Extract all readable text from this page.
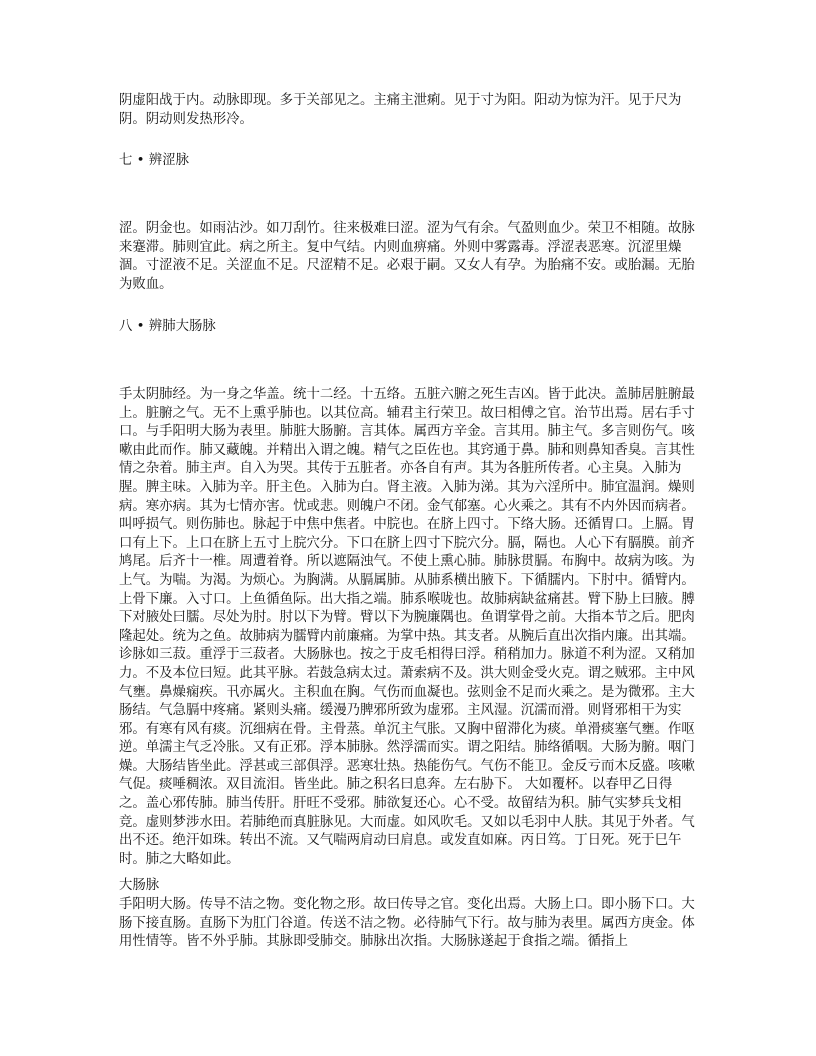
阴虚阳战于内。动脉即现。多于关部见之。主痛主泄痢。见于寸为阳。阳动为惊为汗。见于尺为阴。阴动则发热形冷。

七 • 辨涩脉

涩。阴金也。如雨沾沙。如刀刮竹。往来极难曰涩。涩为气有余。气盈则血少。荣卫不相随。故脉来蹇滞。肺则宜此。病之所主。复中气结。内则血痹痛。外则中雾露毒。浮涩表恶寒。沉涩里燥涸。寸涩液不足。关涩血不足。尺涩精不足。必艰于嗣。又女人有孕。为胎痛不安。或胎漏。无胎为败血。

八 • 辨肺大肠脉

手太阴肺经。为一身之华盖。统十二经。十五络。五脏六腑之死生吉凶。皆于此决。盖肺居脏腑最上。脏腑之气。无不上熏乎肺也。以其位高。辅君主行荣卫。故曰相傅之官。治节出焉。居右手寸口。与手阳明大肠为表里。肺脏大肠腑。言其体。属西方辛金。言其用。肺主气。多言则伤气。咳嗽由此而作。肺又藏魄。并精出入谓之魄。精气之臣佐也。其窍通于鼻。肺和则鼻知香臭。言其性情之杂着。肺主声。自入为哭。其传于五脏者。亦各自有声。其为各脏所传者。心主臭。入肺为腥。脾主味。入肺为辛。肝主色。入肺为白。肾主液。入肺为涕。其为六淫所中。肺宜温润。燥则病。寒亦病。其为七情亦害。忧或悲。则魄户不闭。金气郁塞。心火乘之。其有不内外因而病者。叫呼损气。则伤肺也。脉起于中焦中焦者。中脘也。在脐上四寸。下络大肠。还循胃口。上膈。胃口有上下。上口在脐上五寸上脘穴分。下口在脐上四寸下脘穴分。膈，隔也。人心下有膈膜。前齐鸠尾。后齐十一椎。周遭着脊。所以遮隔浊气。不使上熏心肺。肺脉贯膈。布胸中。故病为咳。为上气。为喘。为渴。为烦心。为胸满。从膈属肺。从肺系横出腋下。下循臑内。下肘中。循臂内。上骨下廉。入寸口。上鱼循鱼际。出大指之端。肺系喉咙也。故肺病缺盆痛甚。臂下胁上曰腋。膊下对腋处曰臑。尽处为肘。肘以下为臂。臂以下为腕廉隅也。鱼谓掌骨之前。大指本节之后。肥肉隆起处。统为之鱼。故肺病为臑臂内前廉痛。为掌中热。其支者。从腕后直出次指内廉。出其端。诊脉如三菽。重浮于三菽者。大肠脉也。按之于皮毛相得曰浮。稍稍加力。脉道不利为涩。又稍加力。不及本位曰短。此其平脉。若鼓急病太过。萧索病不及。洪大则金受火克。谓之贼邪。主中风气壅。鼻燥痫疾。卂亦属火。主积血在胸。气伤而血凝也。弦则金不足而火乘之。是为微邪。主大肠结。气急膈中疼痛。紧则头痛。缓漫乃脾邪所致为虚邪。主风湿。沉濡而滑。则肾邪相干为实邪。有寒有风有痰。沉细病在骨。主骨蒸。单沉主气胀。又胸中留滞化为痰。单滑痰塞气壅。作呕逆。单濡主气乏冷胀。又有正邪。浮本肺脉。然浮濡而实。谓之阳结。肺络循咽。大肠为腑。咽门燥。大肠结皆坐此。浮甚或三部俱浮。恶寒壮热。热能伤气。气伤不能卫。金反亏而木反盛。咳嗽气促。痰唾稠浓。双目流泪。皆坐此。肺之积名曰息奔。左右胁下。 大如覆杯。以春甲乙日得之。盖心邪传肺。肺当传肝。肝旺不受邪。肺欲复还心。心不受。故留结为积。肺气实梦兵戈相竞。虚则梦涉水田。若肺绝而真脏脉见。大而虚。如风吹毛。又如以毛羽中人肤。其见于外者。气出不还。绝汗如珠。转出不流。又气喘两肩动曰肩息。或发直如麻。丙日笃。丁日死。死于巳午时。肺之大略如此。

大肠脉

手阳明大肠。传导不洁之物。变化物之形。故曰传导之官。变化出焉。大肠上口。即小肠下口。大肠下接直肠。直肠下为肛门谷道。传送不洁之物。必待肺气下行。故与肺为表里。属西方庚金。体用性情等。皆不外乎肺。其脉即受肺交。肺脉出次指。大肠脉遂起于食指之端。循指上
